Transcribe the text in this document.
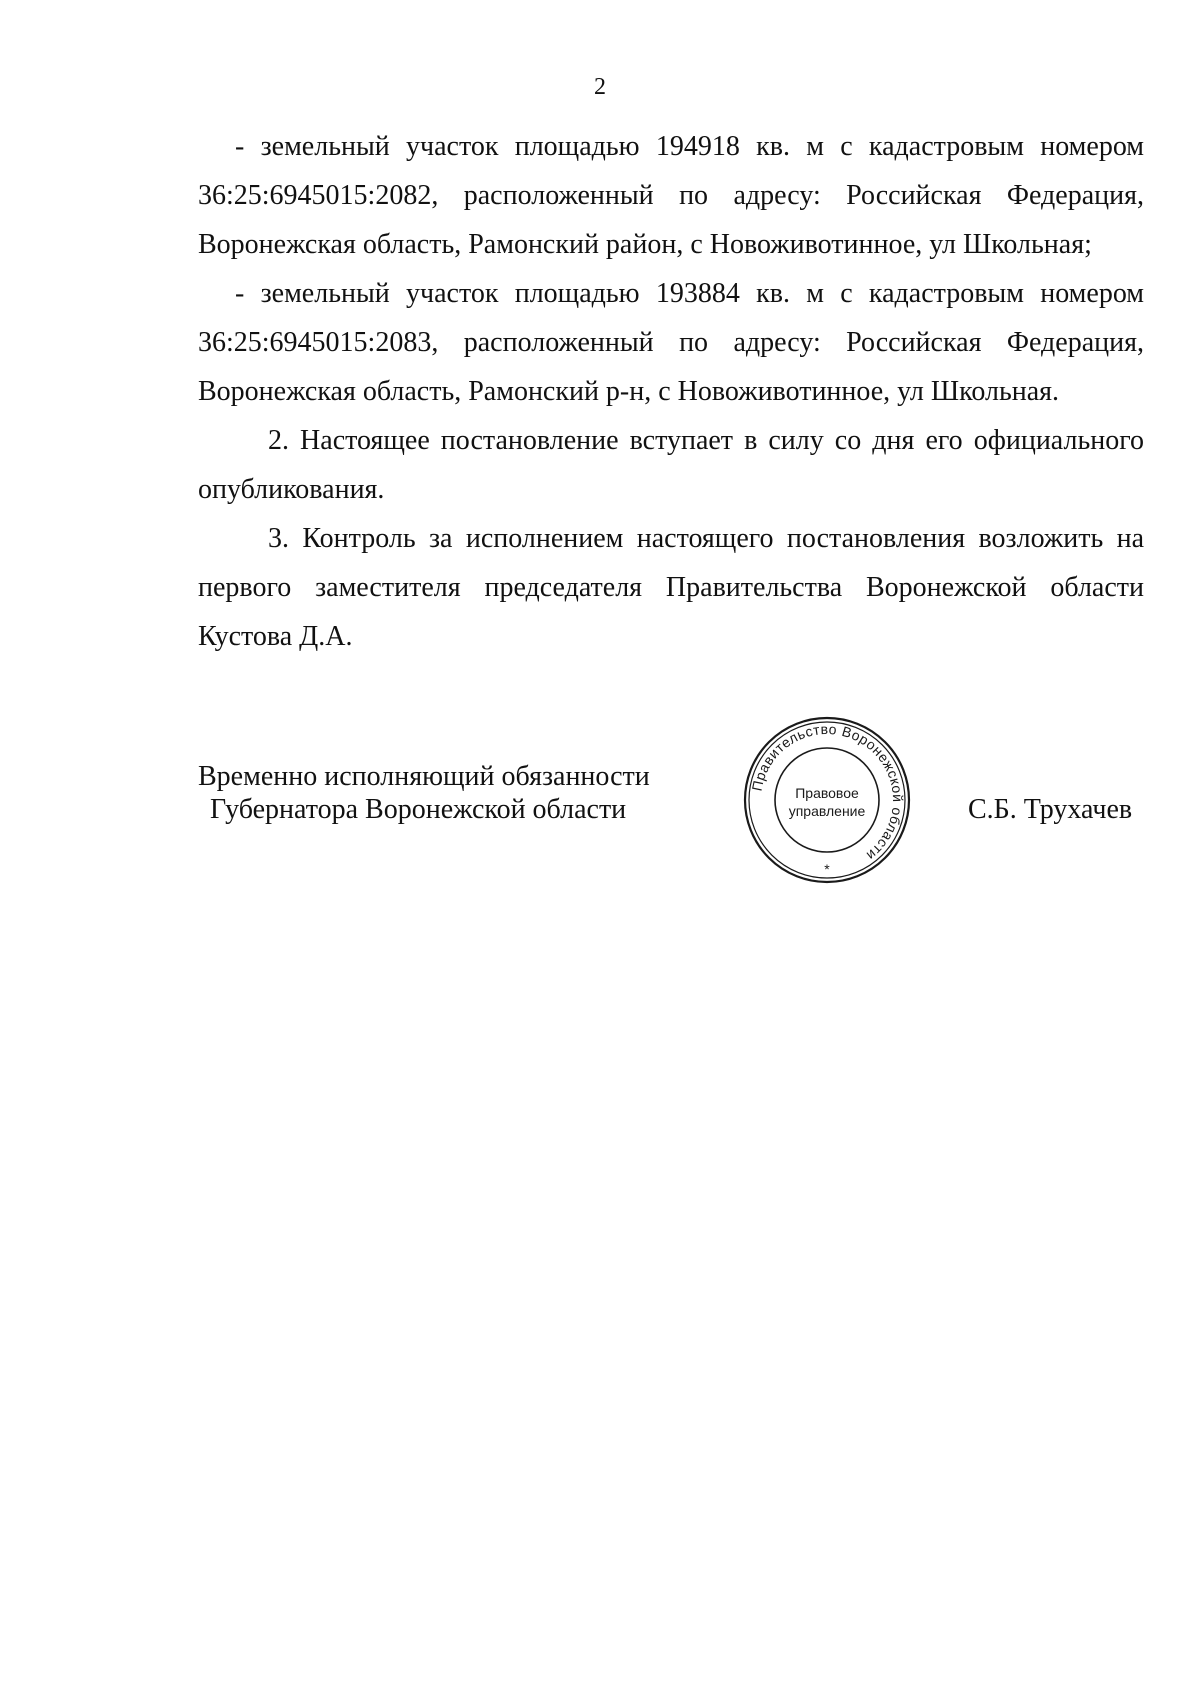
2

- земельный участок площадью 194918 кв. м с кадастровым номером 36:25:6945015:2082, расположенный по адресу: Российская Федерация, Воронежская область, Рамонский район, с Новоживотинное, ул Школьная;

- земельный участок площадью 193884 кв. м с кадастровым номером 36:25:6945015:2083, расположенный по адресу: Российская Федерация, Воронежская область, Рамонский р-н, с Новоживотинное, ул Школьная.

2. Настоящее постановление вступает в силу со дня его официального опубликования.

3. Контроль за исполнением настоящего постановления возложить на первого заместителя председателя Правительства Воронежской области Кустова Д.А.

Временно исполняющий обязанности
Губернатора Воронежской области
Правительство Воронежской области
Правовое
управление
*
С.Б. Трухачев
